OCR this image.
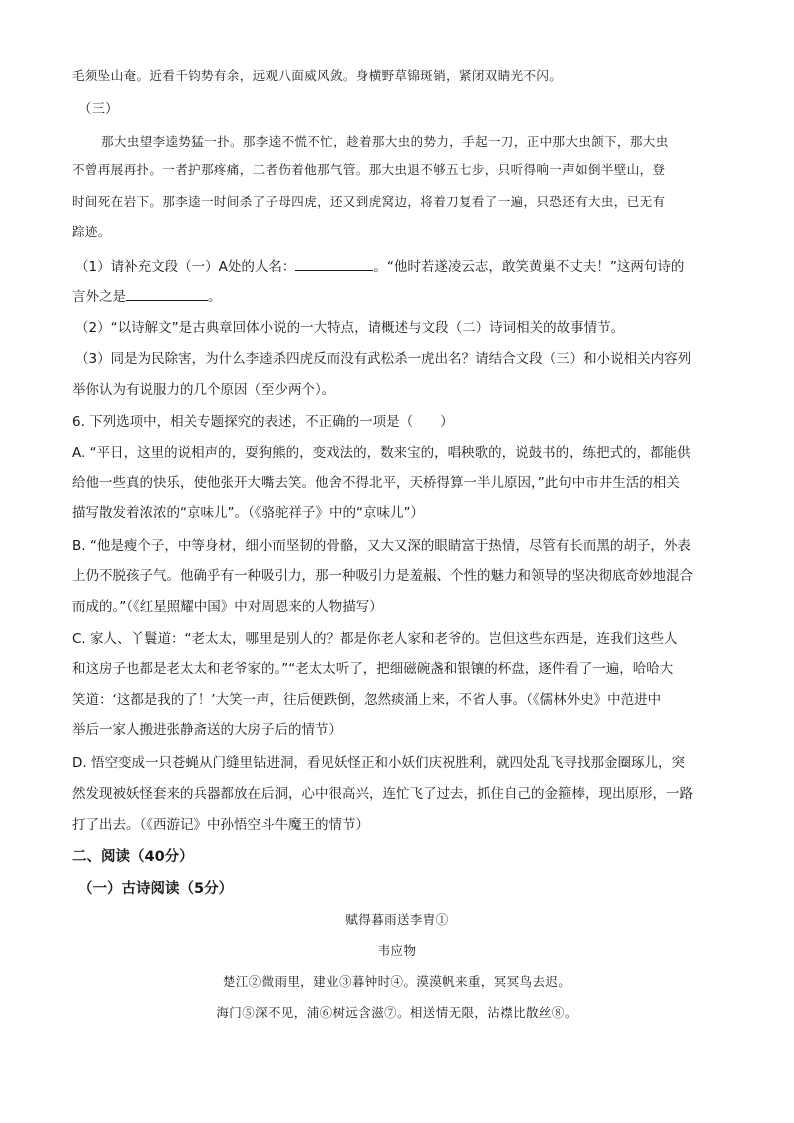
毛须坠山奄。近看千钧势有余，远观八面威风敛。身横野草锦斑销，紧闭双睛光不闪。
（三）
那大虫望李逵势猛一扑。那李逵不慌不忙，趁着那大虫的势力，手起一刀，正中那大虫颌下，那大虫
不曾再展再扑。一者护那疼痛，二者伤着他那气管。那大虫退不够五七步，只听得响一声如倒半壁山，登
时间死在岩下。那李逵一时间杀了子母四虎，还又到虎窝边，将着刀复看了一遍，只恐还有大虫，已无有
踪迹。
（1）请补充文段（一）A处的人名：	。“他时若遂凌云志，敢笑黄巢不丈夫！”这两句诗的
言外之是	。
（2）“以诗解文”是古典章回体小说的一大特点，请概述与文段（二）诗词相关的故事情节。
（3）同是为民除害，为什么李逵杀四虎反而没有武松杀一虎出名？请结合文段（三）和小说相关内容列
举你认为有说服力的几个原因（至少两个）。
6. 下列选项中，相关专题探究的表述，不正确的一项是（　　）
A. “平日，这里的说相声的，耍狗熊的，变戏法的，数来宝的，唱秧歌的，说鼓书的，练把式的，都能供
给他一些真的快乐，使他张开大嘴去笑。他舍不得北平，天桥得算一半儿原因，”此句中市井生活的相关
描写散发着浓浓的“京味儿”。（《骆驼祥子》中的“京味儿”）
B. “他是瘦个子，中等身材，细小而坚韧的骨骼，又大又深的眼睛富于热情，尽管有长而黑的胡子，外表
上仍不脱孩子气。他确乎有一种吸引力，那一种吸引力是羞赧、个性的魅力和领导的坚决彻底奇妙地混合
而成的。”（《红星照耀中国》中对周恩来的人物描写）
C. 家人、丫鬟道：“老太太，哪里是别人的？都是你老人家和老爷的。岂但这些东西是，连我们这些人
和这房子也都是老太太和老爷家的。”“老太太听了，把细磁碗盏和银镶的杯盘，逐件看了一遍，哈哈大
笑道：‘这都是我的了！’大笑一声，往后便跌倒，忽然痰涌上来，不省人事。（《儒林外史》中范进中
举后一家人搬进张静斋送的大房子后的情节）
D. 悟空变成一只苍蝇从门缝里钻进洞，看见妖怪正和小妖们庆祝胜利，就四处乱飞寻找那金圈琢儿，突
然发现被妖怪套来的兵器都放在后洞，心中很高兴，连忙飞了过去，抓住自己的金箍棒，现出原形，一路
打了出去。（《西游记》中孙悟空斗牛魔王的情节）
二、阅读（40分）
（一）古诗阅读（5分）
赋得暮雨送李胄①
韦应物
楚江②微雨里，建业③暮钟时④。漠漠帆来重，冥冥鸟去迟。
海门⑤深不见，浦⑥树远含滋⑦。相送情无限，沾襟比散丝⑧。
